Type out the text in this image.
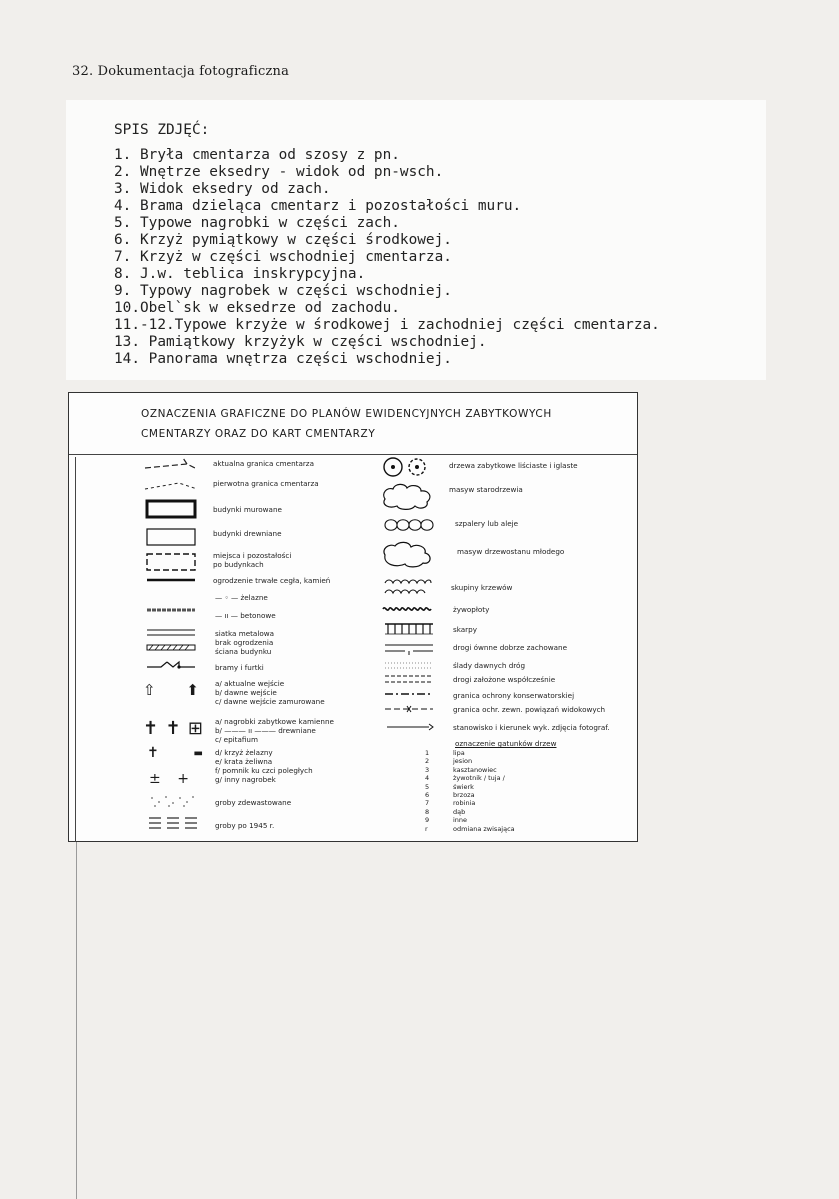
32. Dokumentacja fotograficzna
SPIS ZDJĘĆ:
1. Bryła cmentarza od szosy z pn.
2. Wnętrze eksedry - widok od pn-wsch.
3. Widok eksedry od zach.
4. Brama dzieląca cmentarz i pozostałości muru.
5. Typowe nagrobki w części zach.
6. Krzyż pymiątkowy w części środkowej.
7. Krzyż w części wschodniej cmentarza.
8. J.w. teblica inskrypcyjna.
9. Typowy nagrobek w części wschodniej.
10.Obel`sk w eksedrze od zachodu.
11.-12.Typowe krzyże w środkowej i zachodniej części cmentarza.
13. Pamiątkowy krzyżyk w części wschodniej.
14. Panorama wnętrza części wschodniej.
OZNACZENIA GRAFICZNE DO PLANÓW EWIDENCYJNYCH ZABYTKOWYCH
CMENTARZY ORAZ DO KART CMENTARZY
aktualna granica cmentarza
pierwotna granica cmentarza
budynki murowane
budynki drewniane
miejsca i pozostałości
po budynkach
ogrodzenie trwałe cegła, kamień
— ◦ — żelazne
— ıı — betonowe
siatka metalowa
brak ogrodzenia
ściana budynku
bramy i furtki
⇧ ⬆ a/ aktualne wejście
b/ dawne wejście
c/ dawne wejście zamurowane
✝ ✝ ⊞ a/ nagrobki zabytkowe kamienne
b/ ——— ıı ——— drewniane
c/ epitafium
✝	▬ d/ krzyż żelazny
e/ krata żeliwna
f/ pomnik ku czci poległych
g/ inny nagrobek
± +
groby zdewastowane
groby po 1945 r.
drzewa zabytkowe liściaste i iglaste
masyw starodrzewia
szpalery lub aleje
masyw drzewostanu młodego
skupiny krzewów
żywopłoty
skarpy
drogi ównne dobrze zachowane
ślady dawnych dróg
drogi założone współcześnie
granica ochrony konserwatorskiej
granica ochr. zewn. powiązań widokowych
stanowisko i kierunek wyk. zdjęcia fotograf.
oznaczenie gatunków drzew
1	lipa
2	jesion
3	kasztanowiec
4	żywotnik / tuja /
5	świerk
6	brzoza
7	robinia
8	dąb
9	inne
r	odmiana zwisająca
